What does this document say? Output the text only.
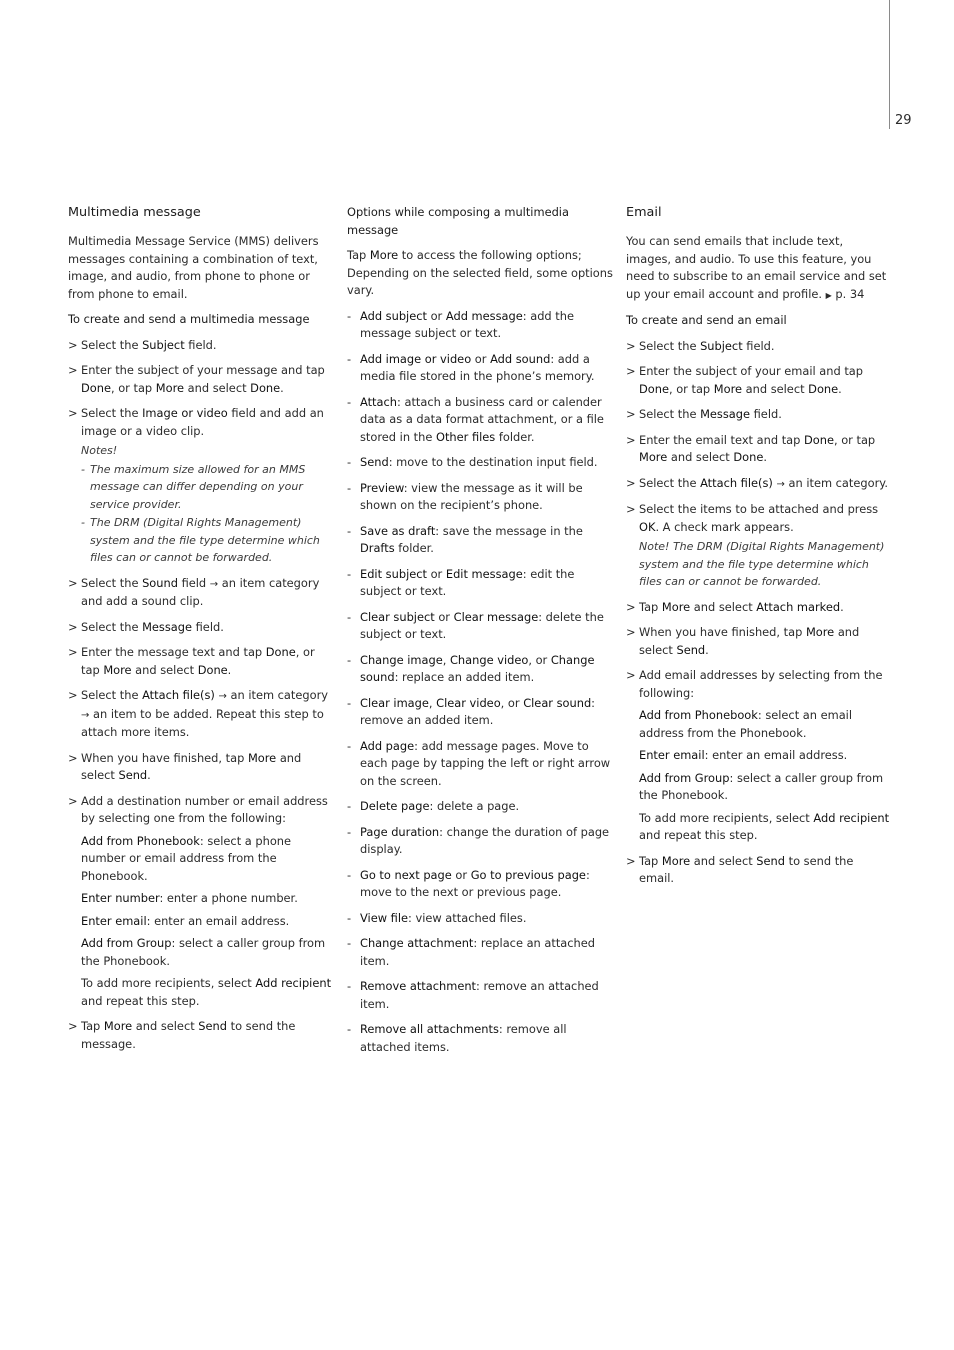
29
Multimedia message

Multimedia Message Service (MMS) delivers messages containing a combination of text, image, and audio, from phone to phone or from phone to email.

To create and send a multimedia message
> Select the Subject field.
> Enter the subject of your message and tap Done, or tap More and select Done.
> Select the Image or video field and add an image or a video clip.
Notes!
- The maximum size allowed for an MMS message can differ depending on your service provider.
- The DRM (Digital Rights Management) system and the file type determine which files can or cannot be forwarded.
> Select the Sound field → an item category and add a sound clip.
> Select the Message field.
> Enter the message text and tap Done, or tap More and select Done.
> Select the Attach file(s) → an item category → an item to be added. Repeat this step to attach more items.
> When you have finished, tap More and select Send.
> Add a destination number or email address by selecting one from the following:
Add from Phonebook: select a phone number or email address from the Phonebook.
Enter number: enter a phone number.
Enter email: enter an email address.
Add from Group: select a caller group from the Phonebook.
To add more recipients, select Add recipient and repeat this step.
> Tap More and select Send to send the message.
Options while composing a multimedia message

Tap More to access the following options; Depending on the selected field, some options vary.

- Add subject or Add message: add the message subject or text.
- Add image or video or Add sound: add a media file stored in the phone’s memory.
- Attach: attach a business card or calender data as a data format attachment, or a file stored in the Other files folder.
- Send: move to the destination input field.
- Preview: view the message as it will be shown on the recipient’s phone.
- Save as draft: save the message in the Drafts folder.
- Edit subject or Edit message: edit the subject or text.
- Clear subject or Clear message: delete the subject or text.
- Change image, Change video, or Change sound: replace an added item.
- Clear image, Clear video, or Clear sound: remove an added item.
- Add page: add message pages. Move to each page by tapping the left or right arrow on the screen.
- Delete page: delete a page.
- Page duration: change the duration of page display.
- Go to next page or Go to previous page: move to the next or previous page.
- View file: view attached files.
- Change attachment: replace an attached item.
- Remove attachment: remove an attached item.
- Remove all attachments: remove all attached items.
Email

You can send emails that include text, images, and audio. To use this feature, you need to subscribe to an email service and set up your email account and profile. ▶ p. 34

To create and send an email
> Select the Subject field.
> Enter the subject of your email and tap Done, or tap More and select Done.
> Select the Message field.
> Enter the email text and tap Done, or tap More and select Done.
> Select the Attach file(s) → an item category.
> Select the items to be attached and press OK. A check mark appears.
Note! The DRM (Digital Rights Management) system and the file type determine which files can or cannot be forwarded.
> Tap More and select Attach marked.
> When you have finished, tap More and select Send.
> Add email addresses by selecting from the following:
Add from Phonebook: select an email address from the Phonebook.
Enter email: enter an email address.
Add from Group: select a caller group from the Phonebook.
To add more recipients, select Add recipient and repeat this step.
> Tap More and select Send to send the email.
